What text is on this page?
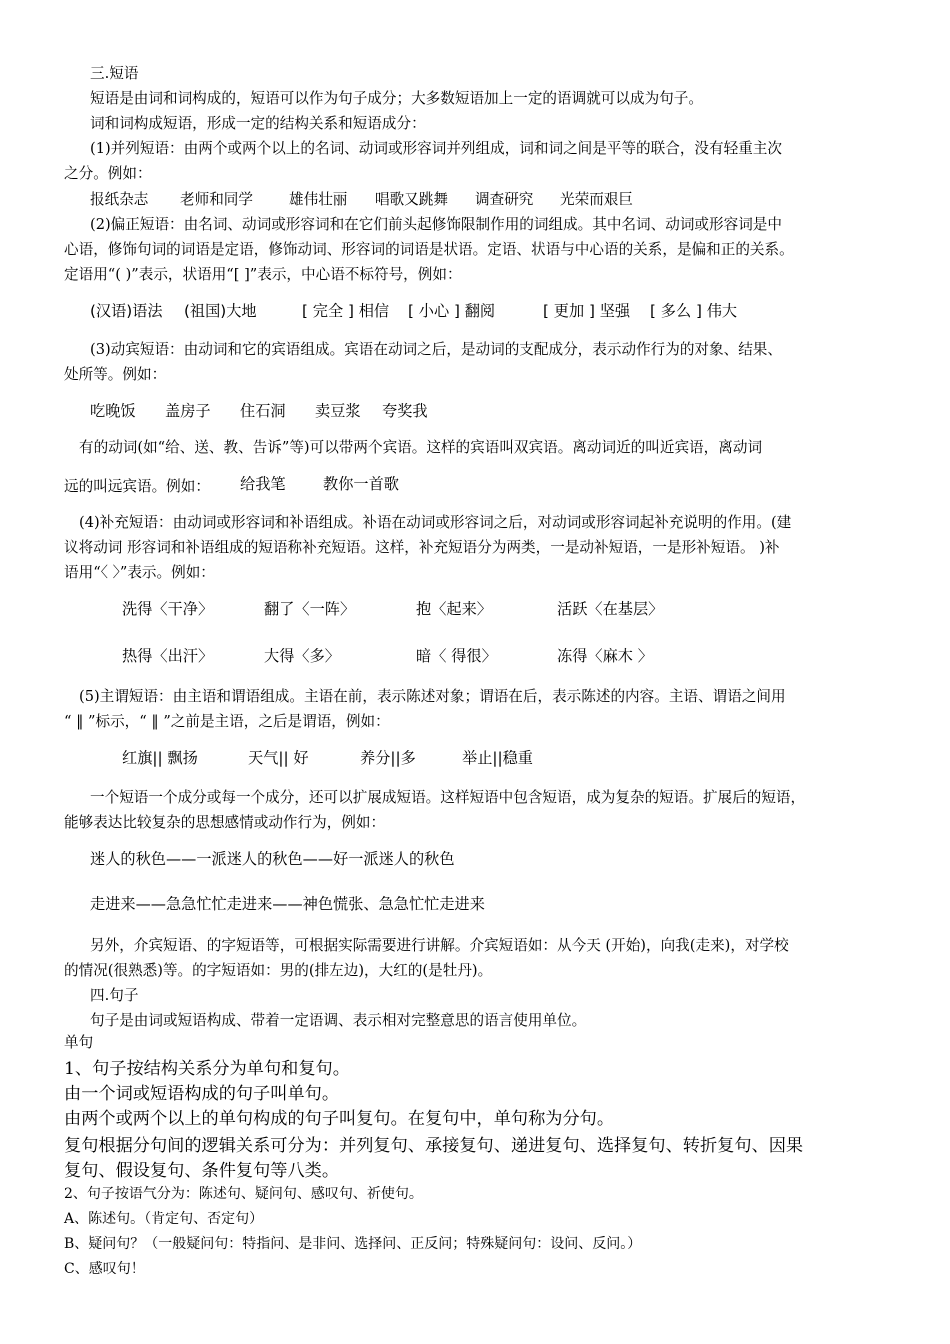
三.短语
短语是由词和词构成的，短语可以作为句子成分；大多数短语加上一定的语调就可以成为句子。
词和词构成短语，形成一定的结构关系和短语成分：
(1)并列短语：由两个或两个以上的名词、动词或形容词并列组成，词和词之间是平等的联合，没有轻重主次
之分。例如：
报纸杂志 老师和同学 雄伟壮丽 唱歌又跳舞 调查研究 光荣而艰巨
(2)偏正短语：由名词、动词或形容词和在它们前头起修饰限制作用的词组成。其中名词、动词或形容词是中
心语，修饰句词的词语是定语，修饰动词、形容词的词语是状语。定语、状语与中心语的关系，是偏和正的关系。
定语用“( )”表示，状语用“[ ]”表示，中心语不标符号，例如：
(汉语)语法 (祖国)大地	[ 完全 ] 相信 [ 小心 ] 翻阅	[ 更加 ] 坚强 [ 多么 ] 伟大
(3)动宾短语：由动词和它的宾语组成。宾语在动词之后，是动词的支配成分，表示动作行为的对象、结果、
处所等。例如：
吃晚饭 盖房子 住石洞 卖豆浆 夸奖我
有的动词(如“给、送、教、告诉”等)可以带两个宾语。这样的宾语叫双宾语。离动词近的叫近宾语，离动词
远的叫远宾语。例如： 给我笔 教你一首歌
(4)补充短语：由动词或形容词和补语组成。补语在动词或形容词之后，对动词或形容词起补充说明的作用。(建
议将动词 形容词和补语组成的短语称补充短语。这样，补充短语分为两类，一是动补短语，一是形补短语。 )补
语用“〈 〉”表示。例如：
洗得〈干净〉	翻了〈一阵〉	抱〈起来〉	活跃〈在基层〉
热得〈出汗〉	大得〈多〉	暗〈 得很〉	冻得〈麻木 〉
(5)主谓短语：由主语和谓语组成。主语在前，表示陈述对象；谓语在后，表示陈述的内容。主语、谓语之间用
“ ‖ ”标示，“ ‖ ”之前是主语，之后是谓语，例如：
红旗|| 飘扬	天气|| 好	养分||多	举止||稳重
一个短语一个成分或每一个成分，还可以扩展成短语。这样短语中包含短语，成为复杂的短语。扩展后的短语，
能够表达比较复杂的思想感情或动作行为，例如：
迷人的秋色——一派迷人的秋色——好一派迷人的秋色
走进来——急急忙忙走进来——神色慌张、急急忙忙走进来
另外，介宾短语、的字短语等，可根据实际需要进行讲解。介宾短语如：从今天 (开始)，向我(走来)，对学校
的情况(很熟悉)等。的字短语如：男的(排左边)，大红的(是牡丹)。
四.句子
句子是由词或短语构成、带着一定语调、表示相对完整意思的语言使用单位。
单句
1、句子按结构关系分为单句和复句。
由一个词或短语构成的句子叫单句。
由两个或两个以上的单句构成的句子叫复句。在复句中，单句称为分句。
复句根据分句间的逻辑关系可分为：并列复句、承接复句、递进复句、选择复句、转折复句、因果
复句、假设复句、条件复句等八类。
2、句子按语气分为：陈述句、疑问句、感叹句、祈使句。
A、陈述句。（肯定句、否定句）
B、疑问句？（一般疑问句：特指问、是非问、选择问、正反问；特殊疑问句：设问、反问。）
C、感叹句！
